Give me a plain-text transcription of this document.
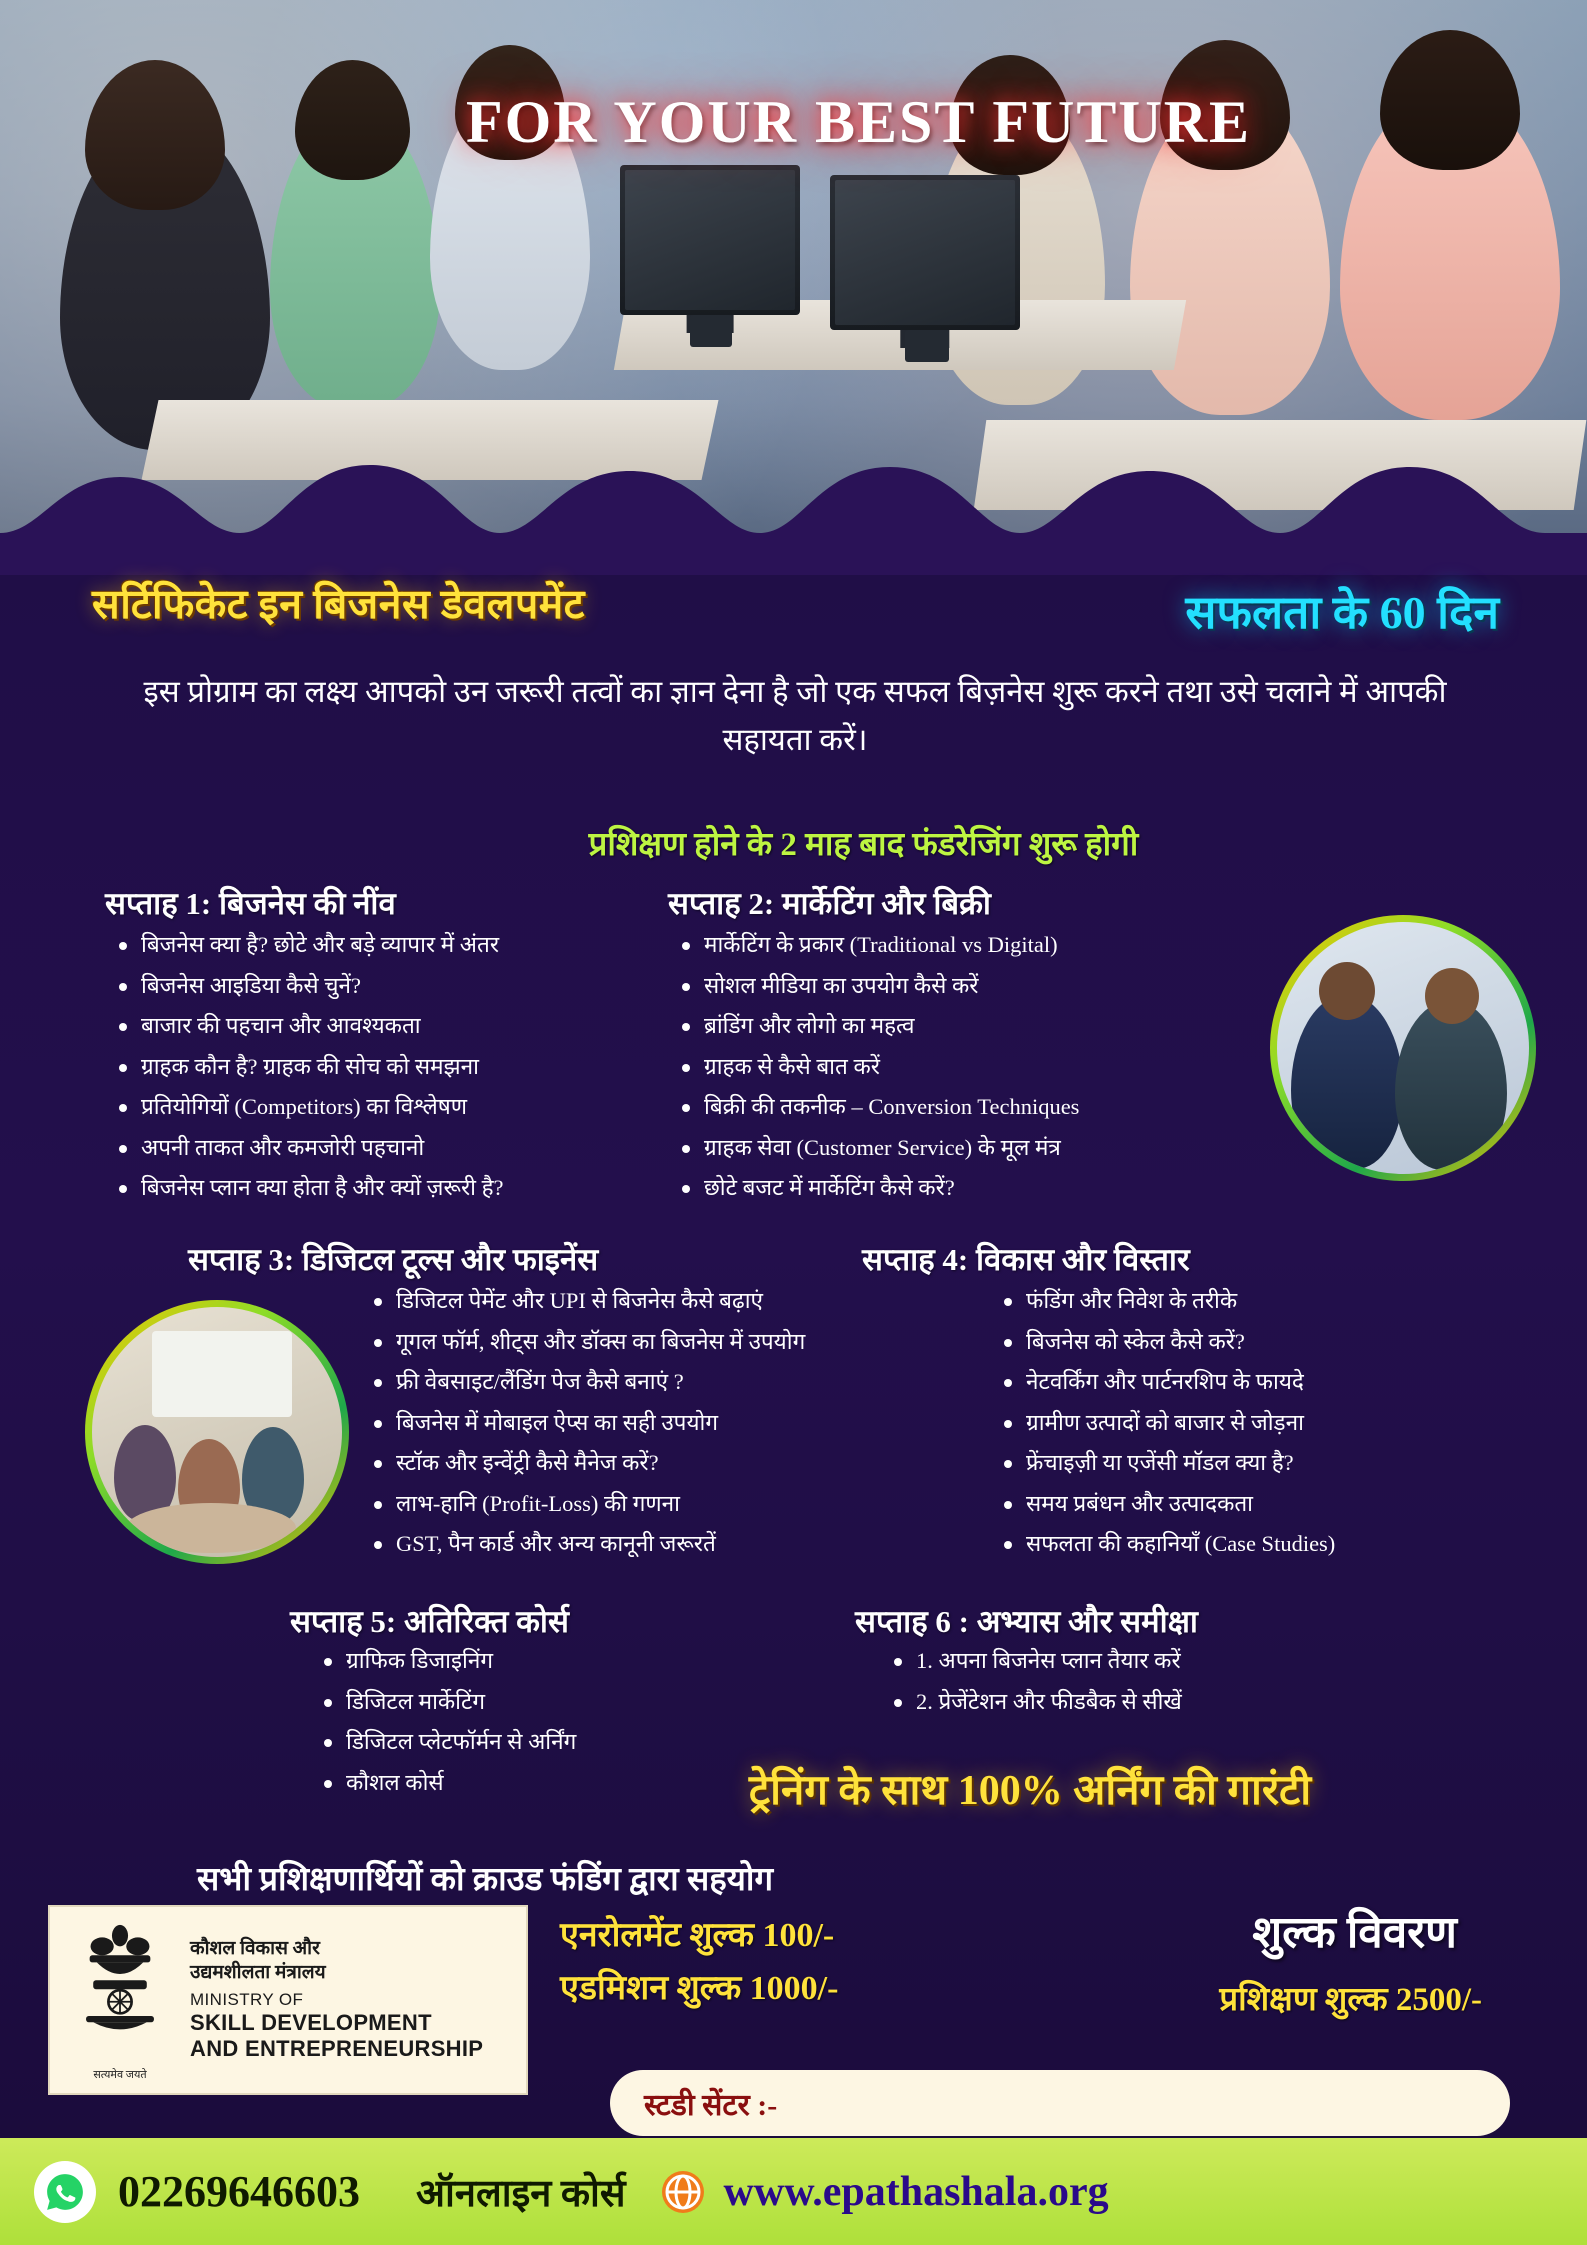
FOR YOUR BEST FUTURE
सर्टिफिकेट इन बिजनेस डेवलपमेंट	सफलता के 60 दिन
इस प्रोग्राम का लक्ष्य आपको उन जरूरी तत्वों का ज्ञान देना है जो एक सफल बिज़नेस शुरू करने तथा उसे चलाने में आपकी सहायता करें।
प्रशिक्षण होने के 2 माह बाद फंडरेजिंग शुरू होगी
सप्ताह 1: बिजनेस की नींव
बिजनेस क्या है? छोटे और बड़े व्यापार में अंतर
बिजनेस आइडिया कैसे चुनें?
बाजार की पहचान और आवश्यकता
ग्राहक कौन है? ग्राहक की सोच को समझना
प्रतियोगियों (Competitors) का विश्लेषण
अपनी ताकत और कमजोरी पहचानो
बिजनेस प्लान क्या होता है और क्यों ज़रूरी है?
सप्ताह 2: मार्केटिंग और बिक्री
मार्केटिंग के प्रकार (Traditional vs Digital)
सोशल मीडिया का उपयोग कैसे करें
ब्रांडिंग और लोगो का महत्व
ग्राहक से कैसे बात करें
बिक्री की तकनीक – Conversion Techniques
ग्राहक सेवा (Customer Service) के मूल मंत्र
छोटे बजट में मार्केटिंग कैसे करें?
सप्ताह 3: डिजिटल टूल्स और फाइनेंस
डिजिटल पेमेंट और UPI से बिजनेस कैसे बढ़ाएं
गूगल फॉर्म, शीट्स और डॉक्स का बिजनेस में उपयोग
फ्री वेबसाइट/लैंडिंग पेज कैसे बनाएं ?
बिजनेस में मोबाइल ऐप्स का सही उपयोग
स्टॉक और इन्वेंट्री कैसे मैनेज करें?
लाभ-हानि (Profit-Loss) की गणना
GST, पैन कार्ड और अन्य कानूनी जरूरतें
सप्ताह 4: विकास और विस्तार
फंडिंग और निवेश के तरीके
बिजनेस को स्केल कैसे करें?
नेटवर्किंग और पार्टनरशिप के फायदे
ग्रामीण उत्पादों को बाजार से जोड़ना
फ्रेंचाइज़ी या एजेंसी मॉडल क्या है?
समय प्रबंधन और उत्पादकता
सफलता की कहानियाँ (Case Studies)
सप्ताह 5: अतिरिक्त कोर्स
ग्राफिक डिजाइनिंग
डिजिटल मार्केटिंग
डिजिटल प्लेटफॉर्मन से अर्निंग
कौशल कोर्स
सप्ताह 6 : अभ्यास और समीक्षा
1. अपना बिजनेस प्लान तैयार करें
2. प्रेजेंटेशन और फीडबैक से सीखें
ट्रेनिंग के साथ 100% अर्निंग की गारंटी
सभी प्रशिक्षणार्थियों को क्राउड फंडिंग द्वारा सहयोग
एनरोलमेंट शुल्क 100/-
एडमिशन शुल्क 1000/-
शुल्क विवरण
प्रशिक्षण शुल्क 2500/-
सत्यमेव जयते
कौशल विकास और
उद्यमशीलता मंत्रालय
MINISTRY OF
SKILL DEVELOPMENT
AND ENTREPRENEURSHIP
स्टडी सेंटर :-
02269646603 ऑनलाइन कोर्स www.epathashala.org
